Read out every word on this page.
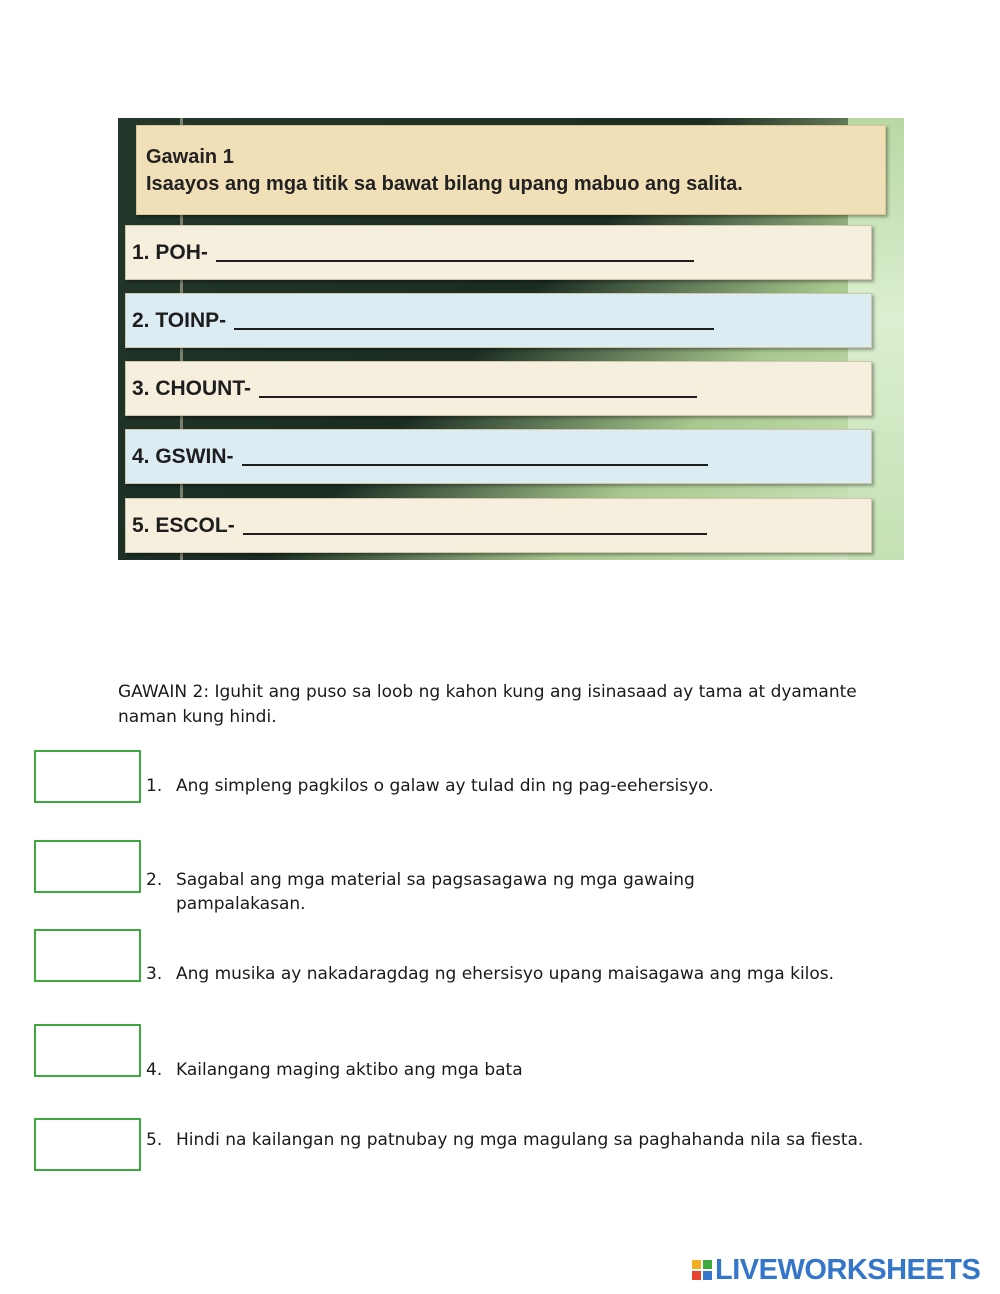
Gawain 1
Isaayos ang mga titik sa bawat bilang upang mabuo ang salita.
1. POH-
2. TOINP-
3. CHOUNT-
4. GSWIN-
5. ESCOL-
GAWAIN 2: Iguhit ang puso sa loob ng kahon kung ang isinasaad ay tama at dyamante naman kung hindi.
1. Ang simpleng pagkilos o galaw ay tulad din ng pag-eehersisyo.
2. Sagabal ang mga material sa pagsasagawa ng mga gawaing pampalakasan.
3. Ang musika ay nakadaragdag ng ehersisyo upang maisagawa ang mga kilos.
4. Kailangang maging aktibo ang mga bata
5. Hindi na kailangan ng patnubay ng mga magulang sa paghahanda nila sa fiesta.
LIVEWORKSHEETS
